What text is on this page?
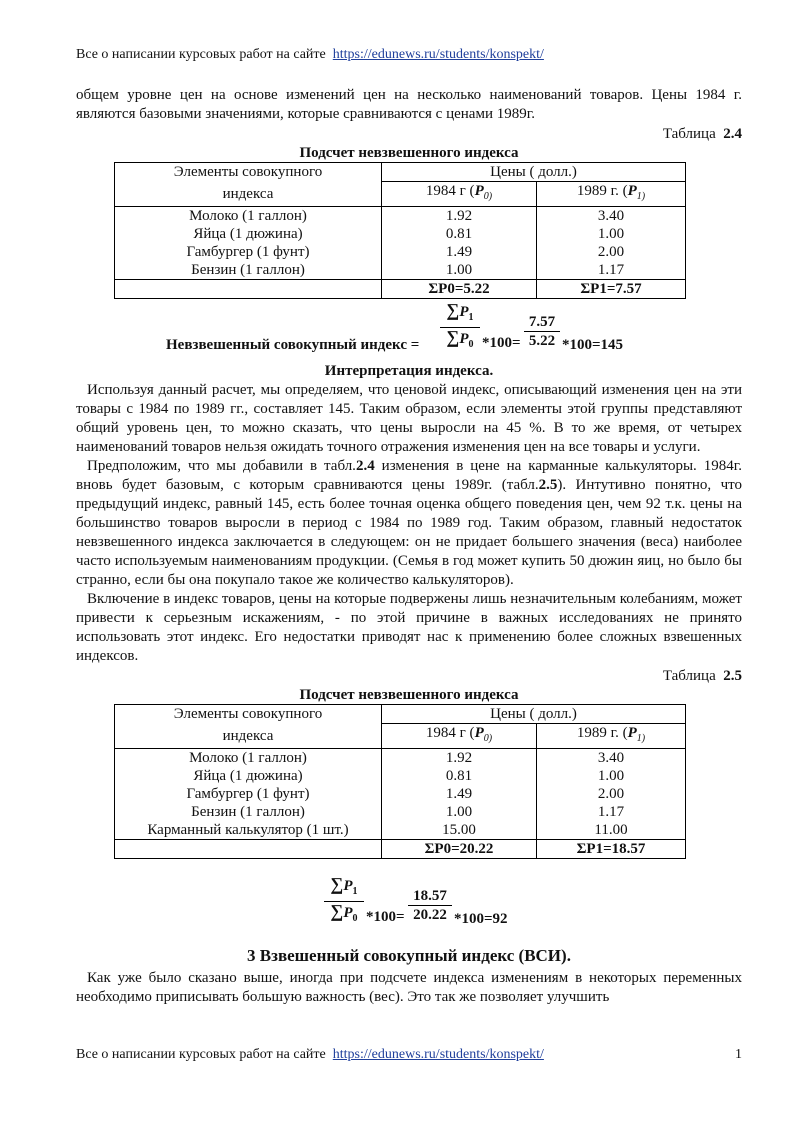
Все о написании курсовых работ на сайте https://edunews.ru/students/konspekt/

общем уровне цен на основе изменений цен на несколько наименований товаров. Цены 1984 г. являются базовыми значениями, которые сравниваются с ценами 1989г.

Таблица 2.4
Подсчет невзвешенного индекса
Элементы совокупного	Цены ( долл.)	
индекса	1984 г ($P_{0)}$	1989 г. ($P_{1)}$
Молоко (1 галлон)	1.92	3.40
Яйца (1 дюжина)	0.81	1.00
Гамбургер (1 фунт)	1.49	2.00
Бензин (1 галлон)	1.00	1.17
	ΣP0=5.22	ΣP1=7.57
$\frac{\sum P_1}{\sum P_0}$
Невзвешенный совокупный индекс =	$*100= \frac{7.57}{5.22} *100=145$
Интерпретация индекса.

Используя данный расчет, мы определяем, что ценовой индекс, описывающий изменения цен на эти товары с 1984 по 1989 гг., составляет 145. Таким образом, если элементы этой группы представляют общий уровень цен, то можно сказать, что цены выросли на 45 %. В то же время, от четырех наименований товаров нельзя ожидать точного отражения изменения цен на все товары и услуги.

Предположим, что мы добавили в табл.2.4 изменения в цене на карманные калькуляторы. 1984г. вновь будет базовым, с которым сравниваются цены 1989г. (табл.2.5). Интутивно понятно, что предыдущий индекс, равный 145, есть более точная оценка общего поведения цен, чем 92 т.к. цены на большинство товаров выросли в период с 1984 по 1989 год. Таким образом, главный недостаток невзвешенного индекса заключается в следующем: он не придает большего значения (веса) наиболее часто используемым наименованиям продукции. (Семья в год может купить 50 дюжин яиц, но было бы странно, если бы она покупало такое же количество калькуляторов).

Включение в индекс товаров, цены на которые подвержены лишь незначительным колебаниям, может привести к серьезным искажениям, - по этой причине в важных исследованиях не принято использовать этот индекс. Его недостатки приводят нас к применению более сложных взвешенных индексов.

Таблица 2.5
Подсчет невзвешенного индекса
Элементы совокупного	Цены ( долл.)	
индекса	1984 г ($P_{0)}$	1989 г. ($P_{1)}$
Молоко (1 галлон)	1.92	3.40
Яйца (1 дюжина)	0.81	1.00
Гамбургер (1 фунт)	1.49	2.00
Бензин (1 галлон)	1.00	1.17
Карманный калькулятор (1 шт.)	15.00	11.00
	ΣP0=20.22	ΣP1=18.57
$\frac{\sum P_1}{\sum P_0} *100= \frac{18.57}{20.22} *100=92$
3 Взвешенный совокупный индекс (ВСИ).

Как уже было сказано выше, иногда при подсчете индекса изменениям в некоторых переменных необходимо приписывать большую важность (вес). Это так же позволяет улучшить

Все о написании курсовых работ на сайте https://edunews.ru/students/konspekt/	1
